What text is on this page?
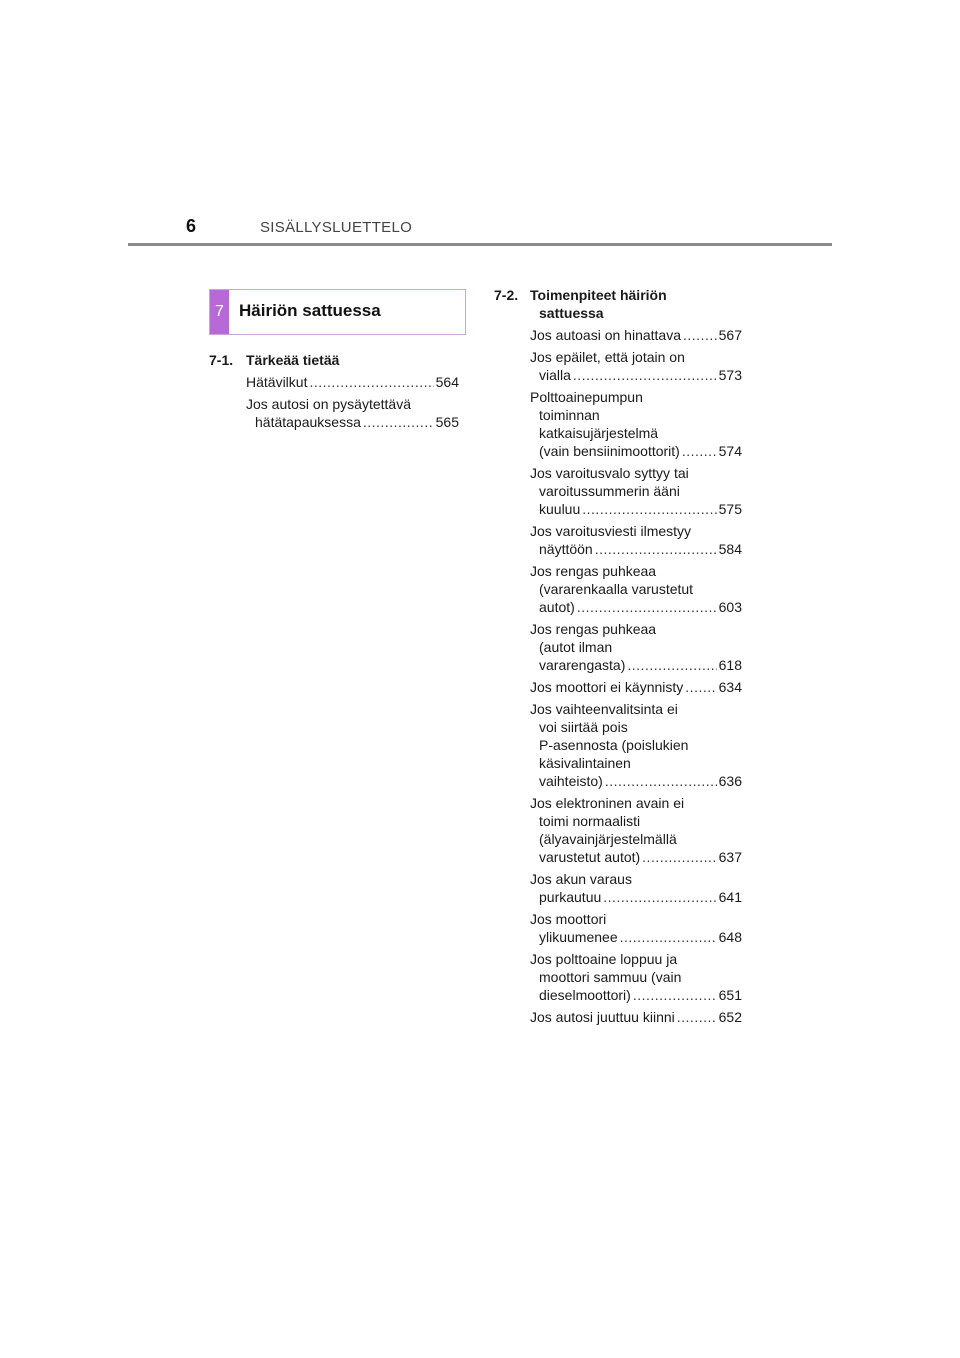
6	SISÄLLYSLUETTELO
7 Häiriön sattuessa
7-1. Tärkeää tietää
Hätävilkut .....	564
Jos autosi on pysäytettävä
hätätapauksessa .....	565
7-2. Toimenpiteet häiriön
sattuessa
Jos autoasi on hinattava .....	567
Jos epäilet, että jotain on
vialla .....	573
Polttoainepumpun
toiminnan
katkaisujärjestelmä
(vain bensiinimoottorit) .....	574
Jos varoitusvalo syttyy tai
varoitussummerin ääni
kuuluu .....	575
Jos varoitusviesti ilmestyy
näyttöön .....	584
Jos rengas puhkeaa
(vararenkaalla varustetut
autot) .....	603
Jos rengas puhkeaa
(autot ilman
vararengasta) .....	618
Jos moottori ei käynnisty .....	634
Jos vaihteenvalitsinta ei
voi siirtää pois
P-asennosta (poislukien
käsivalintainen
vaihteisto) .....	636
Jos elektroninen avain ei
toimi normaalisti
(älyavainjärjestelmällä
varustetut autot) .....	637
Jos akun varaus
purkautuu .....	641
Jos moottori
ylikuumenee .....	648
Jos polttoaine loppuu ja
moottori sammuu (vain
dieselmoottori) .....	651
Jos autosi juuttuu kiinni .....	652
